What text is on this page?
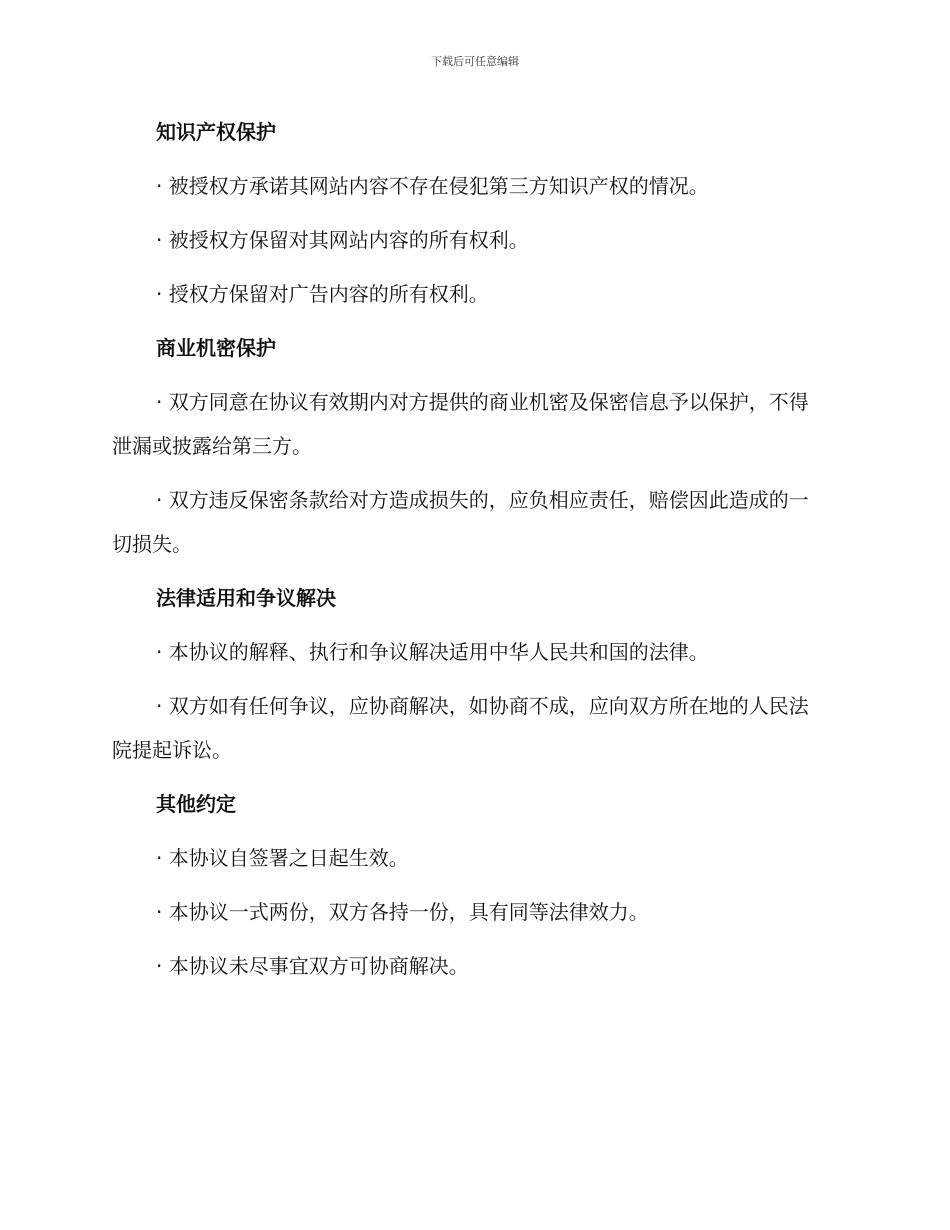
下载后可任意编辑

知识产权保护

· 被授权方承诺其网站内容不存在侵犯第三方知识产权的情况。

· 被授权方保留对其网站内容的所有权利。

· 授权方保留对广告内容的所有权利。

商业机密保护

· 双方同意在协议有效期内对方提供的商业机密及保密信息予以保护，不得泄漏或披露给第三方。

· 双方违反保密条款给对方造成损失的，应负相应责任，赔偿因此造成的一切损失。

法律适用和争议解决

· 本协议的解释、执行和争议解决适用中华人民共和国的法律。

· 双方如有任何争议，应协商解决，如协商不成，应向双方所在地的人民法院提起诉讼。

其他约定

· 本协议自签署之日起生效。

· 本协议一式两份，双方各持一份，具有同等法律效力。

· 本协议未尽事宜双方可协商解决。
